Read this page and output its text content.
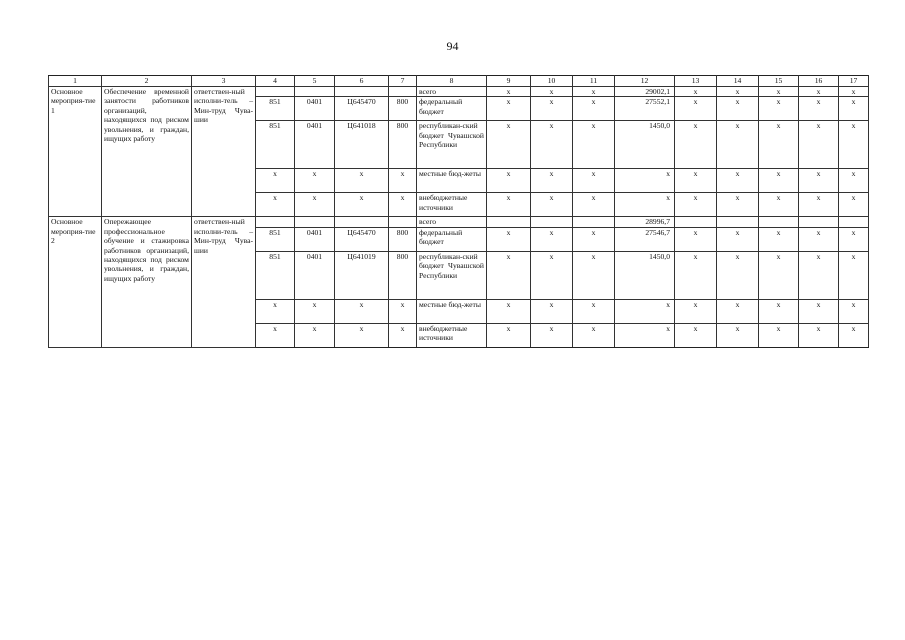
94
1	2	3	4	5	6	7	8	9	10	11	12	13	14	15	16	17
Основное мероприя-тие 1	Обеспечение временной занятости работников организаций, находящихся под риском увольнения, и граждан, ищущих работу	ответствен-ный исполни-тель – Мин-труд Чува-шии					всего	х	х	х	29002,1	х	х	х	х	х
			851	0401	Ц645470	800	федеральный бюджет	х	х	х	27552,1	х	х	х	х	х
			851	0401	Ц641018	800	республикан-ский бюджет Чувашской Республики	х	х	х	1450,0	х	х	х	х	х
			х	х	х	х	местные бюд-жеты	х	х	х	х	х	х	х	х	х
			х	х	х	х	внебюджетные источники	х	х	х	х	х	х	х	х	х
Основное мероприя-тие 2	Опережающее профессиональное обучение и стажировка работников организаций, находящихся под риском увольнения, и граждан, ищущих работу	ответствен-ный исполни-тель – Мин-труд Чува-шии					всего				28996,7					
			851	0401	Ц645470	800	федеральный бюджет	х	х	х	27546,7	х	х	х	х	х
			851	0401	Ц641019	800	республикан-ский бюджет Чувашской Республики	х	х	х	1450,0	х	х	х	х	х
			х	х	х	х	местные бюд-жеты	х	х	х	х	х	х	х	х	х
			х	х	х	х	внебюджетные источники	х	х	х	х	х	х	х	х	х
